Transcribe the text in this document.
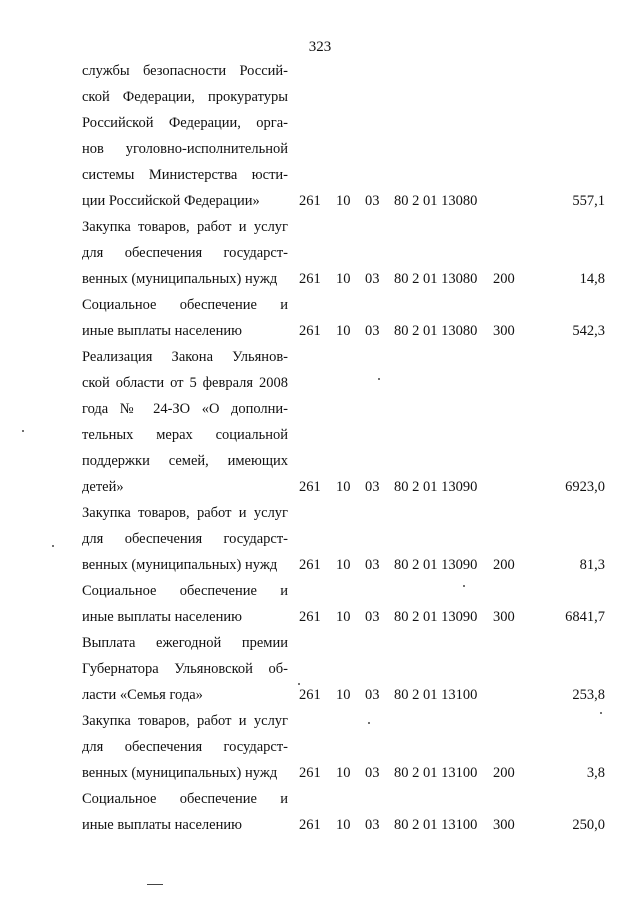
323
службы безопасности Россий-
ской Федерации, прокуратуры
Российской Федерации, орга-
нов уголовно-исполнительной
системы Министерства юсти-
ции Российской Федерации»	261 10 03 80 2 01 13080	557,1
Закупка товаров, работ и услуг
для обеспечения государст-
венных (муниципальных) нужд	261 10 03 80 2 01 13080 200	14,8
Социальное обеспечение и
иные выплаты населению	261 10 03 80 2 01 13080 300	542,3
Реализация Закона Ульянов-
ской области от 5 февраля 2008
года № 24-ЗО «О дополни-
тельных мерах социальной
поддержки семей, имеющих
детей»	261 10 03 80 2 01 13090	6923,0
Закупка товаров, работ и услуг
для обеспечения государст-
венных (муниципальных) нужд	261 10 03 80 2 01 13090 200	81,3
Социальное обеспечение и
иные выплаты населению	261 10 03 80 2 01 13090 300	6841,7
Выплата ежегодной премии
Губернатора Ульяновской об-
ласти «Семья года»	261 10 03 80 2 01 13100	253,8
Закупка товаров, работ и услуг
для обеспечения государст-
венных (муниципальных) нужд	261 10 03 80 2 01 13100 200	3,8
Социальное обеспечение и
иные выплаты населению	261 10 03 80 2 01 13100 300	250,0
